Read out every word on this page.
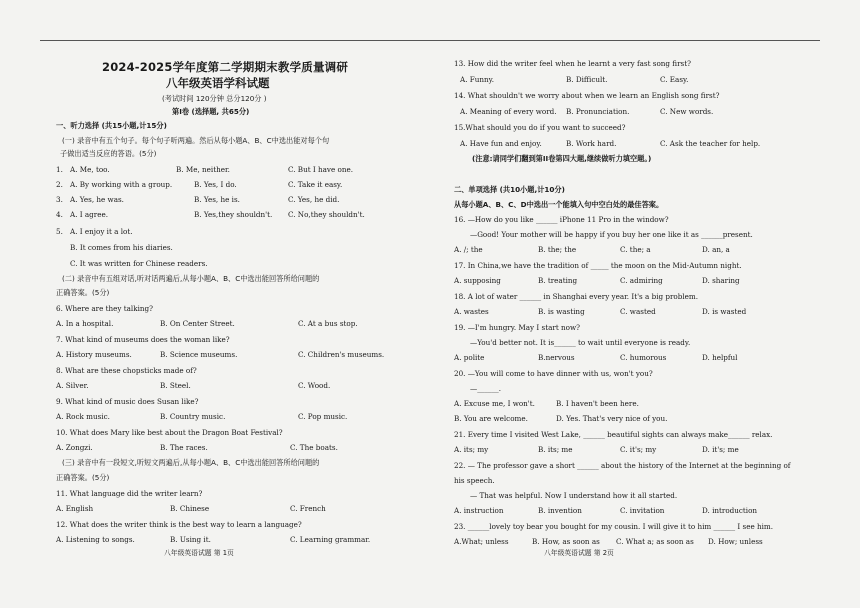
2024-2025学年度第二学期期末教学质量调研
八年级英语学科试题
(考试时间 120分钟 总分120分 )
第I卷 (选择题, 共65分)
一、听力选择 (共15小题,计15分)
(一) 录音中有五个句子。每个句子听两遍。然后从每小题A、B、C中选出能对每个句
子做出适当反应的答语。(5分)
1. A. Me, too.	B. Me, neither.	C. But I have one.
2. A. By working with a group.	B. Yes, I do.	C. Take it easy.
3. A. Yes, he was.	B. Yes, he is.	C. Yes, he did.
4. A. I agree.	B. Yes,they shouldn't. C. No,they shouldn't.
5. A. I enjoy it a lot.
B. It comes from his diaries.
C. It was written for Chinese readers.
(二) 录音中有五组对话,听对话两遍后,从每小题A、B、C中选出能回答所给问题的
正确答案。(5分)
6. Where are they talking?
A. In a hospital.	B. On Center Street.	C. At a bus stop.
7. What kind of museums does the woman like?
A. History museums.	B. Science museums.	C. Children's museums.
8. What are these chopsticks made of?
A. Silver.	B. Steel.	C. Wood.
9. What kind of music does Susan like?
A. Rock music.	B. Country music.	C. Pop music.
10. What does Mary like best about the Dragon Boat Festival?
A. Zongzi.	B. The races.	C. The boats.
(三) 录音中有一段短文,听短文两遍后,从每小题A、B、C中选出能回答所给问题的
正确答案。(5分)
11. What language did the writer learn?
A. English	B. Chinese	C. French
12. What does the writer think is the best way to learn a language?
A. Listening to songs.	B. Using it.	C. Learning grammar.
八年级英语试题 第 1页
13. How did the writer feel when he learnt a very fast song first?
A. Funny.	B. Difficult.	C. Easy.
14. What shouldn't we worry about when we learn an English song first?
A. Meaning of every word. B. Pronunciation.	C. New words.
15.What should you do if you want to succeed?
A. Have fun and enjoy.	B. Work hard.	C. Ask the teacher for help.
(注意:请同学们翻到第II卷第四大题,继续做听力填空题。)
二、单项选择 (共10小题,计10分)
从每小题A、B、C、D中选出一个能填入句中空白处的最佳答案。
16. —How do you like ______ iPhone 11 Pro in the window?
—Good! Your mother will be happy if you buy her one like it as ______present.
A. /; the	B. the; the	C. the; a	D. an, a
17. In China,we have the tradition of _____ the moon on the Mid-Autumn night.
A. supposing	B. treating	C. admiring	D. sharing
18. A lot of water ______ in Shanghai every year. It's a big problem.
A. wastes	B. is wasting	C. wasted	D. is wasted
19. —I'm hungry. May I start now?
—You'd better not. It is______ to wait until everyone is ready.
A. polite	B.nervous	C. humorous	D. helpful
20. —You will come to have dinner with us, won't you?
—______.
A. Excuse me, I won't.	B. I haven't been here.
B. You are welcome.	D. Yes. That's very nice of you.
21. Every time I visited West Lake, ______ beautiful sights can always make______ relax.
A. its; my	B. its; me	C. it's; my	D. it's; me
22. — The professor gave a short ______ about the history of the Internet at the beginning of
his speech.
— That was helpful. Now I understand how it all started.
A. instruction	B. invention	C. invitation	D. introduction
23. ______lovely toy bear you bought for my cousin. I will give it to him ______ I see him.
A.What; unless	B. How, as soon as C. What a; as soon as D. How; unless
八年级英语试题 第 2页
